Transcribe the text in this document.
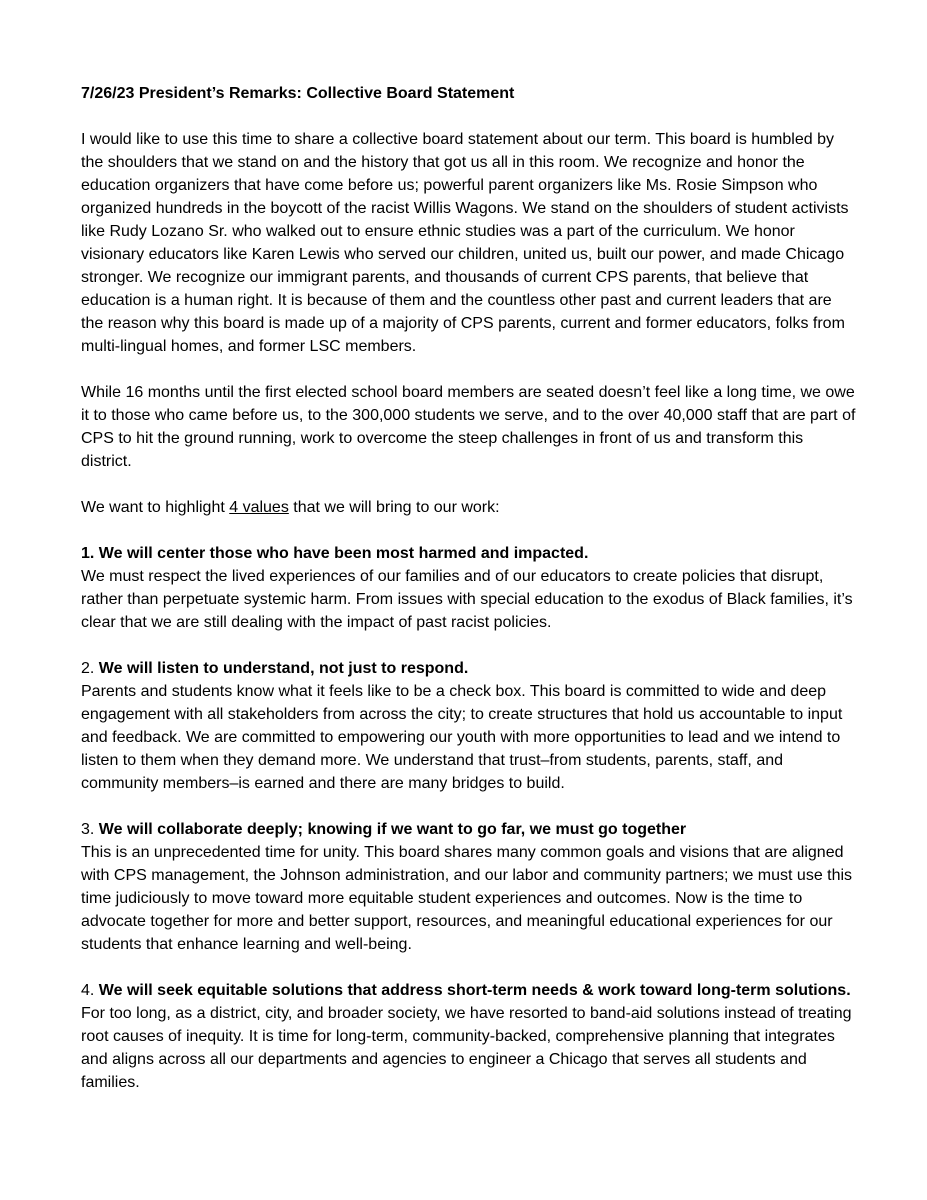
7/26/23 President’s Remarks: Collective Board Statement

I would like to use this time to share a collective board statement about our term. This board is humbled by the shoulders that we stand on and the history that got us all in this room. We recognize and honor the education organizers that have come before us; powerful parent organizers like Ms. Rosie Simpson who organized hundreds in the boycott of the racist Willis Wagons. We stand on the shoulders of student activists like Rudy Lozano Sr. who walked out to ensure ethnic studies was a part of the curriculum. We honor visionary educators like Karen Lewis who served our children, united us, built our power, and made Chicago stronger. We recognize our immigrant parents, and thousands of current CPS parents, that believe that education is a human right. It is because of them and the countless other past and current leaders that are the reason why this board is made up of a majority of CPS parents, current and former educators, folks from multi-lingual homes, and former LSC members.

While 16 months until the first elected school board members are seated doesn’t feel like a long time, we owe it to those who came before us, to the 300,000 students we serve, and to the over 40,000 staff that are part of CPS to hit the ground running, work to overcome the steep challenges in front of us and transform this district.

We want to highlight 4 values that we will bring to our work:

1. We will center those who have been most harmed and impacted.
We must respect the lived experiences of our families and of our educators to create policies that disrupt, rather than perpetuate systemic harm. From issues with special education to the exodus of Black families, it’s clear that we are still dealing with the impact of past racist policies.
2. We will listen to understand, not just to respond.
Parents and students know what it feels like to be a check box. This board is committed to wide and deep engagement with all stakeholders from across the city; to create structures that hold us accountable to input and feedback. We are committed to empowering our youth with more opportunities to lead and we intend to listen to them when they demand more. We understand that trust–from students, parents, staff, and community members–is earned and there are many bridges to build.
3. We will collaborate deeply; knowing if we want to go far, we must go together
This is an unprecedented time for unity. This board shares many common goals and visions that are aligned with CPS management, the Johnson administration, and our labor and community partners; we must use this time judiciously to move toward more equitable student experiences and outcomes. Now is the time to advocate together for more and better support, resources, and meaningful educational experiences for our students that enhance learning and well-being.
4. We will seek equitable solutions that address short-term needs & work toward long-term solutions.
For too long, as a district, city, and broader society, we have resorted to band-aid solutions instead of treating root causes of inequity. It is time for long-term, community-backed, comprehensive planning that integrates and aligns across all our departments and agencies to engineer a Chicago that serves all students and families.
